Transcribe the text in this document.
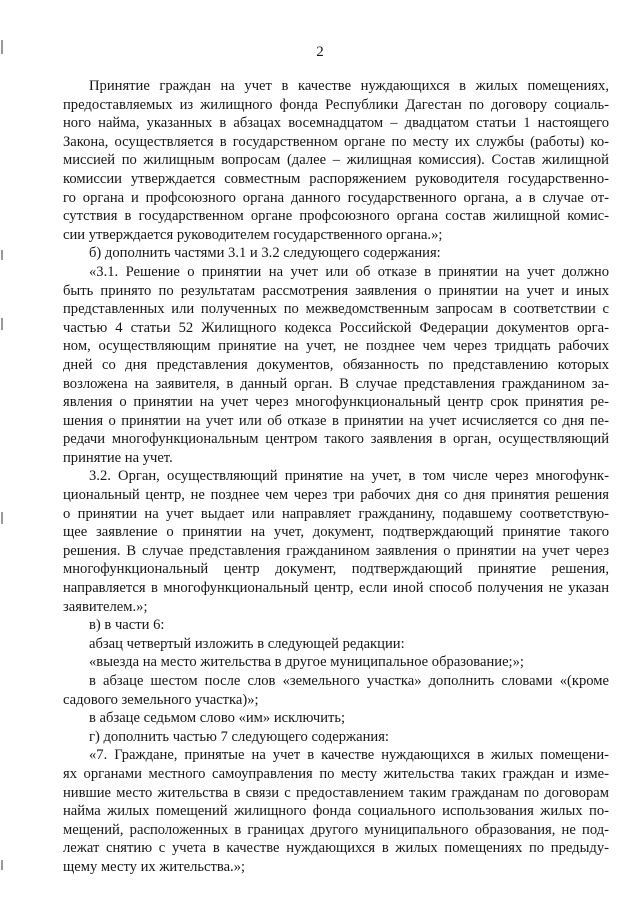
2
Принятие граждан на учет в качестве нуждающихся в жилых помещениях,
предоставляемых из жилищного фонда Республики Дагестан по договору социаль-
ного найма, указанных в абзацах восемнадцатом – двадцатом статьи 1 настоящего
Закона, осуществляется в государственном органе по месту их службы (работы) ко-
миссией по жилищным вопросам (далее – жилищная комиссия). Состав жилищной
комиссии утверждается совместным распоряжением руководителя государственно-
го органа и профсоюзного органа данного государственного органа, а в случае от-
сутствия в государственном органе профсоюзного органа состав жилищной комис-
сии утверждается руководителем государственного органа.»;
б) дополнить частями 3.1 и 3.2 следующего содержания:
«3.1. Решение о принятии на учет или об отказе в принятии на учет должно
быть принято по результатам рассмотрения заявления о принятии на учет и иных
представленных или полученных по межведомственным запросам в соответствии с
частью 4 статьи 52 Жилищного кодекса Российской Федерации документов орга-
ном, осуществляющим принятие на учет, не позднее чем через тридцать рабочих
дней со дня представления документов, обязанность по представлению которых
возложена на заявителя, в данный орган. В случае представления гражданином за-
явления о принятии на учет через многофункциональный центр срок принятия ре-
шения о принятии на учет или об отказе в принятии на учет исчисляется со дня пе-
редачи многофункциональным центром такого заявления в орган, осуществляющий
принятие на учет.
3.2. Орган, осуществляющий принятие на учет, в том числе через многофунк-
циональный центр, не позднее чем через три рабочих дня со дня принятия решения
о принятии на учет выдает или направляет гражданину, подавшему соответствую-
щее заявление о принятии на учет, документ, подтверждающий принятие такого
решения. В случае представления гражданином заявления о принятии на учет через
многофункциональный центр документ, подтверждающий принятие решения,
направляется в многофункциональный центр, если иной способ получения не указан
заявителем.»;
в) в части 6:
абзац четвертый изложить в следующей редакции:
«выезда на место жительства в другое муниципальное образование;»;
в абзаце шестом после слов «земельного участка» дополнить словами «(кроме
садового земельного участка)»;
в абзаце седьмом слово «им» исключить;
г) дополнить частью 7 следующего содержания:
«7. Граждане, принятые на учет в качестве нуждающихся в жилых помещени-
ях органами местного самоуправления по месту жительства таких граждан и изме-
нившие место жительства в связи с предоставлением таким гражданам по договорам
найма жилых помещений жилищного фонда социального использования жилых по-
мещений, расположенных в границах другого муниципального образования, не под-
лежат снятию с учета в качестве нуждающихся в жилых помещениях по предыду-
щему месту их жительства.»;
